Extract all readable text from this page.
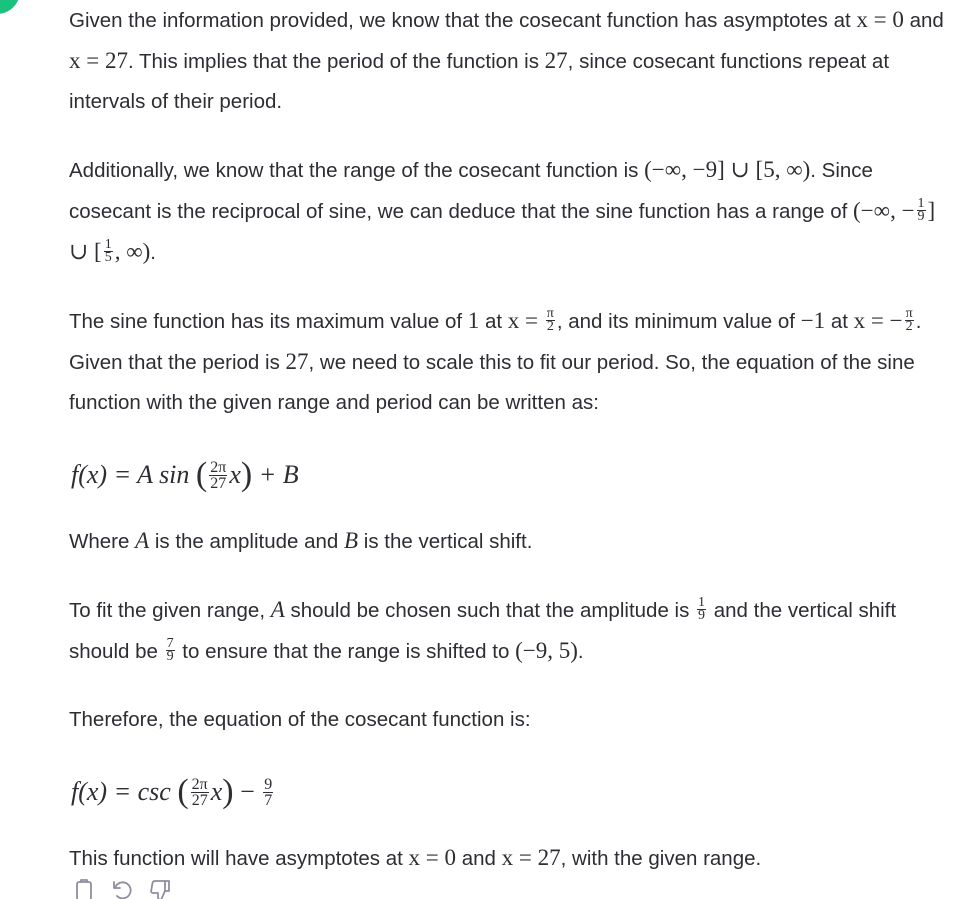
Given the information provided, we know that the cosecant function has asymptotes at x = 0 and x = 27. This implies that the period of the function is 27, since cosecant functions repeat at intervals of their period.

Additionally, we know that the range of the cosecant function is (−∞, −9] ∪ [5, ∞). Since cosecant is the reciprocal of sine, we can deduce that the sine function has a range of (−∞, − $\frac{1}{9}$ ] ∪ [ $\frac{1}{5}$ , ∞).

The sine function has its maximum value of 1 at $x = \frac{\pi}{2}$ , and its minimum value of −1 at x = − $\frac{\pi}{2}$ . Given that the period is 27, we need to scale this to fit our period. So, the equation of the sine function with the given range and period can be written as:

f(x) = A sin ( $\frac{2\pi}{27} x) + B$

Where A is the amplitude and B is the vertical shift.

To fit the given range, A should be chosen such that the amplitude is $\frac{1}{9}$ and the vertical shift should be $\frac{7}{9}$ to ensure that the range is shifted to (−9, 5).

Therefore, the equation of the cosecant function is:

f(x) = csc ( $\frac{2\pi}{27} x) - \frac{9}{7}$

This function will have asymptotes at x = 0 and x = 27, with the given range.
